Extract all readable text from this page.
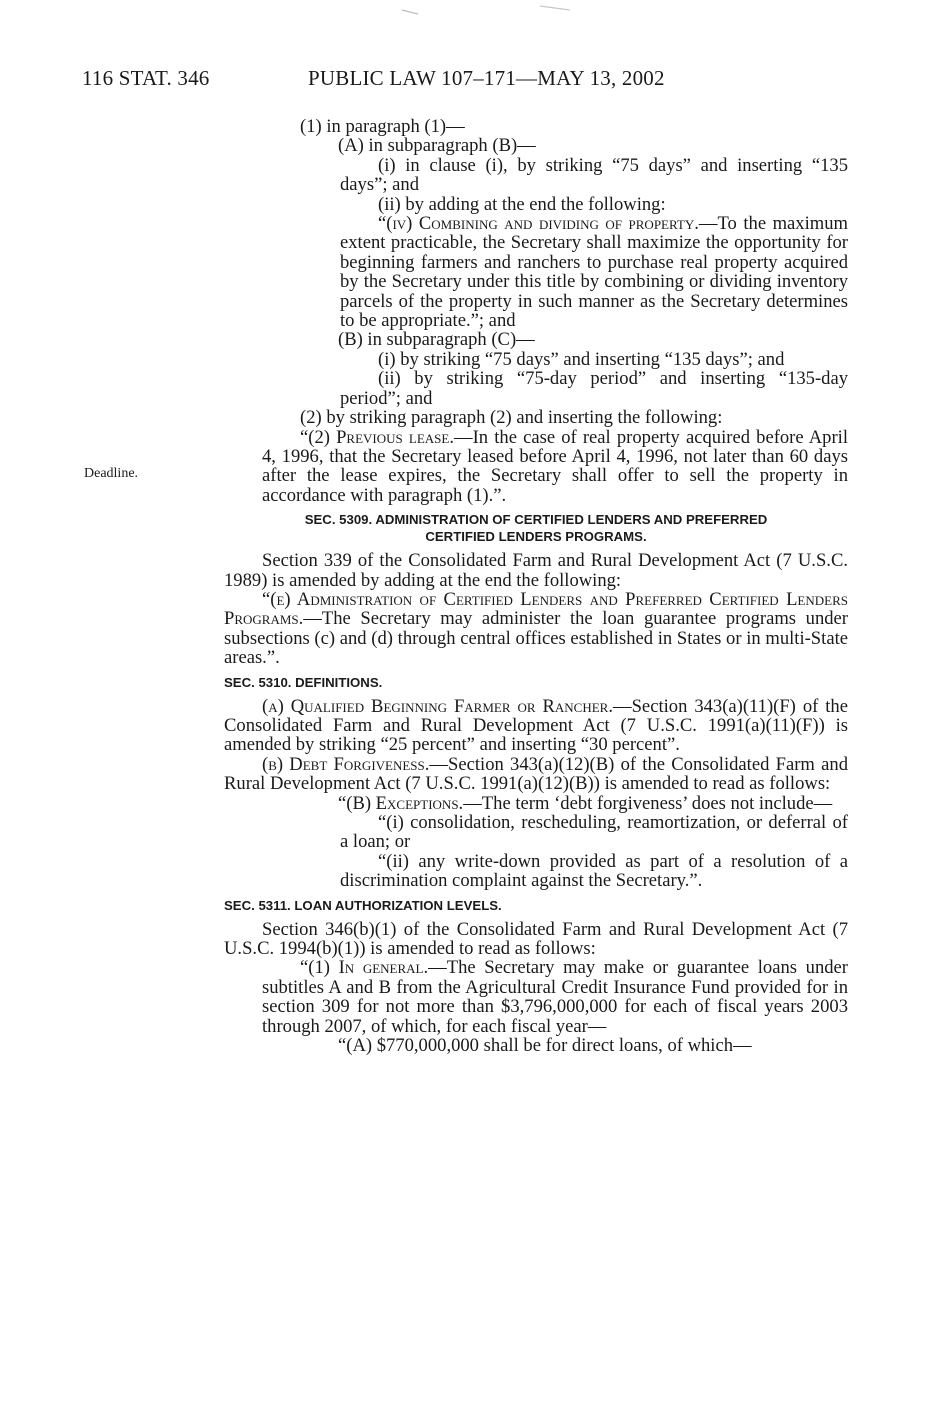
116 STAT. 346	PUBLIC LAW 107–171—MAY 13, 2002
Deadline.

(1) in paragraph (1)—

(A) in subparagraph (B)—

(i) in clause (i), by striking “75 days” and inserting “135 days”; and

(ii) by adding at the end the following:

“(iv) Combining and dividing of property.—To the maximum extent practicable, the Secretary shall maximize the opportunity for beginning farmers and ranchers to purchase real property acquired by the Secretary under this title by combining or dividing inventory parcels of the property in such manner as the Secretary determines to be appropriate.”; and

(B) in subparagraph (C)—

(i) by striking “75 days” and inserting “135 days”; and

(ii) by striking “75-day period” and inserting “135-day period”; and

(2) by striking paragraph (2) and inserting the following:

“(2) Previous lease.—In the case of real property acquired before April 4, 1996, that the Secretary leased before April 4, 1996, not later than 60 days after the lease expires, the Secretary shall offer to sell the property in accordance with paragraph (1).”.

SEC. 5309. ADMINISTRATION OF CERTIFIED LENDERS AND PREFERRED
CERTIFIED LENDERS PROGRAMS.

Section 339 of the Consolidated Farm and Rural Development Act (7 U.S.C. 1989) is amended by adding at the end the following:

“(e) Administration of Certified Lenders and Preferred Certified Lenders Programs.—The Secretary may administer the loan guarantee programs under subsections (c) and (d) through central offices established in States or in multi-State areas.”.

SEC. 5310. DEFINITIONS.

(a) Qualified Beginning Farmer or Rancher.—Section 343(a)(11)(F) of the Consolidated Farm and Rural Development Act (7 U.S.C. 1991(a)(11)(F)) is amended by striking “25 percent” and inserting “30 percent”.

(b) Debt Forgiveness.—Section 343(a)(12)(B) of the Consolidated Farm and Rural Development Act (7 U.S.C. 1991(a)(12)(B)) is amended to read as follows:

“(B) Exceptions.—The term ‘debt forgiveness’ does not include—

“(i) consolidation, rescheduling, reamortization, or deferral of a loan; or

“(ii) any write-down provided as part of a resolution of a discrimination complaint against the Secretary.”.

SEC. 5311. LOAN AUTHORIZATION LEVELS.

Section 346(b)(1) of the Consolidated Farm and Rural Development Act (7 U.S.C. 1994(b)(1)) is amended to read as follows:

“(1) In general.—The Secretary may make or guarantee loans under subtitles A and B from the Agricultural Credit Insurance Fund provided for in section 309 for not more than $3,796,000,000 for each of fiscal years 2003 through 2007, of which, for each fiscal year—

“(A) $770,000,000 shall be for direct loans, of which—
